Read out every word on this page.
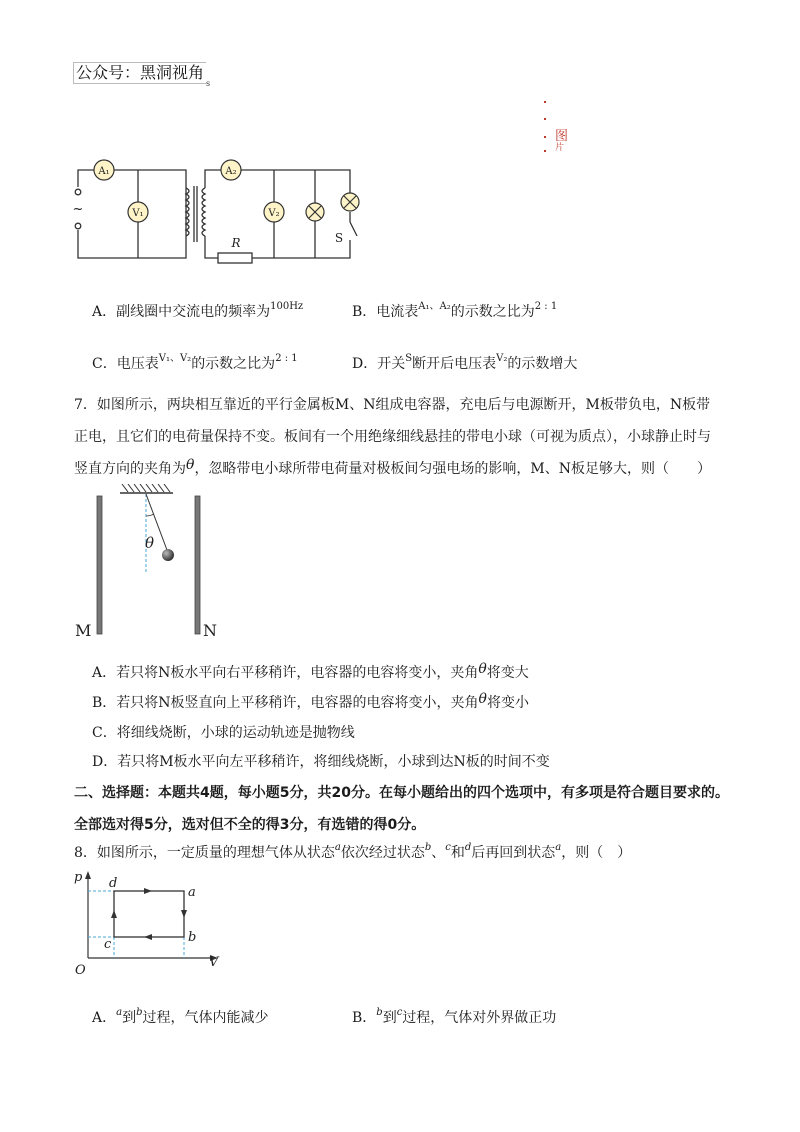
公众号：黑洞视角
s
图
片
A₁
V₁
A₂
V₂
~
R	S
A．副线圈中交流电的频率为$^{100Hz}$	B．电流表$^{A_1、A_2}$的示数之比为$^{2 : 1}$
C．电压表$^{V_1、V_2}$的示数之比为$^{2 : 1}$	D．开关$^S$断开后电压表$^{V_2}$的示数增大
7．如图所示，两块相互靠近的平行金属板M、N组成电容器，充电后与电源断开，M板带负电，N板带
正电，且它们的电荷量保持不变。板间有一个用绝缘细线悬挂的带电小球（可视为质点），小球静止时与
竖直方向的夹角为θ，忽略带电小球所带电荷量对极板间匀强电场的影响，M、N板足够大，则（　　）
θ
M	N
A．若只将N板水平向右平移稍许，电容器的电容将变小，夹角θ将变大
B．若只将N板竖直向上平移稍许，电容器的电容将变小，夹角θ将变小
C．将细线烧断，小球的运动轨迹是抛物线
D．若只将M板水平向左平移稍许，将细线烧断，小球到达N板的时间不变
二、选择题：本题共4题，每小题5分，共20分。在每小题给出的四个选项中，有多项是符合题目要求的。
全部选对得5分，选对但不全的得3分，有选错的得0分。
8．如图所示，一定质量的理想气体从状态$^a$依次经过状态$^b$、$^c$和$^d$后再回到状态$^a$，则（　）
p
V
O
a
b
c
d
A．$^a$到$^b$过程，气体内能减少	B．$^b$到$^c$过程，气体对外界做正功
